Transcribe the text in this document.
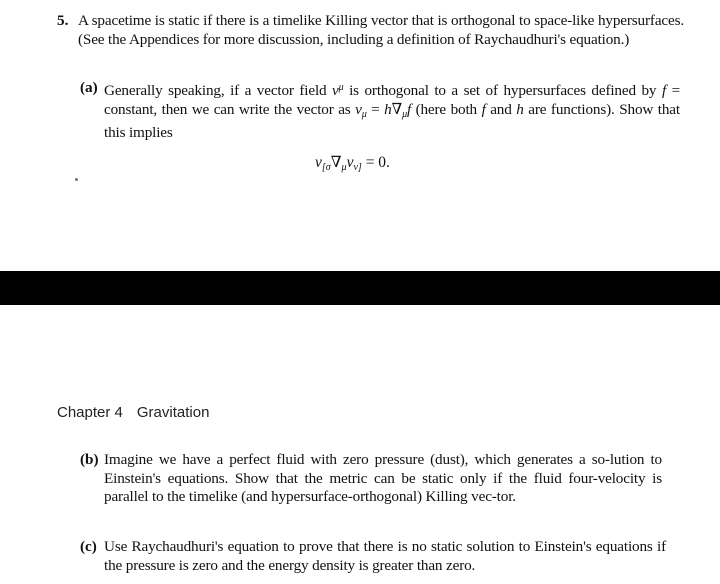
5. A spacetime is static if there is a timelike Killing vector that is orthogonal to space-like hypersurfaces. (See the Appendices for more discussion, including a definition of Raychaudhuri's equation.)
(a) Generally speaking, if a vector field $v^\mu$ is orthogonal to a set of hypersurfaces defined by f = constant, then we can write the vector as $v_\mu = h\nabla_\mu f$ (here both f and h are functions). Show that this implies
$v_{[\sigma}\nabla_\mu v_{\nu]} = 0$.
Chapter 4 Gravitation
(b) Imagine we have a perfect fluid with zero pressure (dust), which generates a so-lution to Einstein's equations. Show that the metric can be static only if the fluid four-velocity is parallel to the timelike (and hypersurface-orthogonal) Killing vec-tor.
(c) Use Raychaudhuri's equation to prove that there is no static solution to Einstein's equations if the pressure is zero and the energy density is greater than zero.
